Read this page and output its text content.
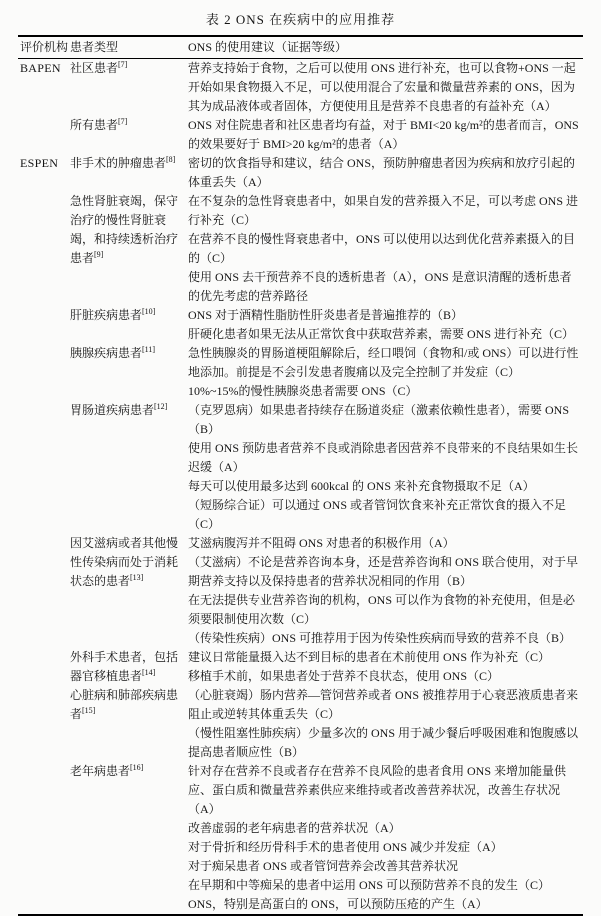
表 2 ONS 在疾病中的应用推荐
评价机构	患者类型	ONS 的使用建议（证据等级）
BAPEN	社区患者[7]	营养支持始于食物，之后可以使用 ONS 进行补充，也可以食物+ONS 一起开始如果食物摄入不足，可以使用混合了宏量和微量营养素的 ONS，因为其为成品液体或者固体，方便使用且是营养不良患者的有益补充（A）

	所有患者[7]	ONS 对住院患者和社区患者均有益，对于 BMI<20 kg/m²的患者而言，ONS 的效果要好于 BMI>20 kg/m²的患者（A）

ESPEN	非手术的肿瘤患者[8]	密切的饮食指导和建议，结合 ONS，预防肿瘤患者因为疾病和放疗引起的体重丢失（A）

	急性肾脏衰竭，保守治疗的慢性肾脏衰竭，和持续透析治疗患者[9]	在不复杂的急性肾衰患者中，如果自发的营养摄入不足，可以考虑 ONS 进行补充（C）
在营养不良的慢性肾衰患者中，ONS 可以使用以达到优化营养素摄入的目的（C）
使用 ONS 去干预营养不良的透析患者（A），ONS 是意识清醒的透析患者的优先考虑的营养路径

	肝脏疾病患者[10]	ONS 对于酒精性脂肪性肝炎患者是普遍推荐的（B）
肝硬化患者如果无法从正常饮食中获取营养素，需要 ONS 进行补充（C）

	胰腺疾病患者[11]	急性胰腺炎的胃肠道梗阻解除后，经口喂饲（食物和/或 ONS）可以进行性地添加。前提是不会引发患者腹痛以及完全控制了并发症（C）
10%~15%的慢性胰腺炎患者需要 ONS（C）

	胃肠道疾病患者[12]	（克罗恩病）如果患者持续存在肠道炎症（激素依赖性患者），需要 ONS（B）
使用 ONS 预防患者营养不良或消除患者因营养不良带来的不良结果如生长迟缓（A）
每天可以使用最多达到 600kcal 的 ONS 来补充食物摄取不足（A）
（短肠综合证）可以通过 ONS 或者管饲饮食来补充正常饮食的摄入不足（C）

	因艾滋病或者其他慢性传染病而处于消耗状态的患者[13]	艾滋病腹泻并不阻碍 ONS 对患者的积极作用（A）
（艾滋病）不论是营养咨询本身，还是营养咨询和 ONS 联合使用，对于早期营养支持以及保持患者的营养状况相同的作用（B）
在无法提供专业营养咨询的机构，ONS 可以作为食物的补充使用，但是必须要限制使用次数（C）
（传染性疾病）ONS 可推荐用于因为传染性疾病而导致的营养不良（B）

	外科手术患者，包括器官移植患者[14]	建议日常能量摄入达不到目标的患者在术前使用 ONS 作为补充（C）
移植手术前，如果患者处于营养不良状态，使用 ONS（C）

	心脏病和肺部疾病患者[15]	（心脏衰竭）肠内营养—管饲营养或者 ONS 被推荐用于心衰恶液质患者来阻止或逆转其体重丢失（C）
（慢性阻塞性肺疾病）少量多次的 ONS 用于减少餐后呼吸困难和饱腹感以提高患者顺应性（B）

	老年病患者[16]	针对存在营养不良或者存在营养不良风险的患者食用 ONS 来增加能量供应、蛋白质和微量营养素供应来维持或者改善营养状况，改善生存状况（A）
改善虚弱的老年病患者的营养状况（A）
对于骨折和经历骨科手术的患者使用 ONS 减少并发症（A）
对于痴呆患者 ONS 或者管饲营养会改善其营养状况
在早期和中等痴呆的患者中运用 ONS 可以预防营养不良的发生（C）
ONS，特别是高蛋白的 ONS，可以预防压疮的产生（A）
